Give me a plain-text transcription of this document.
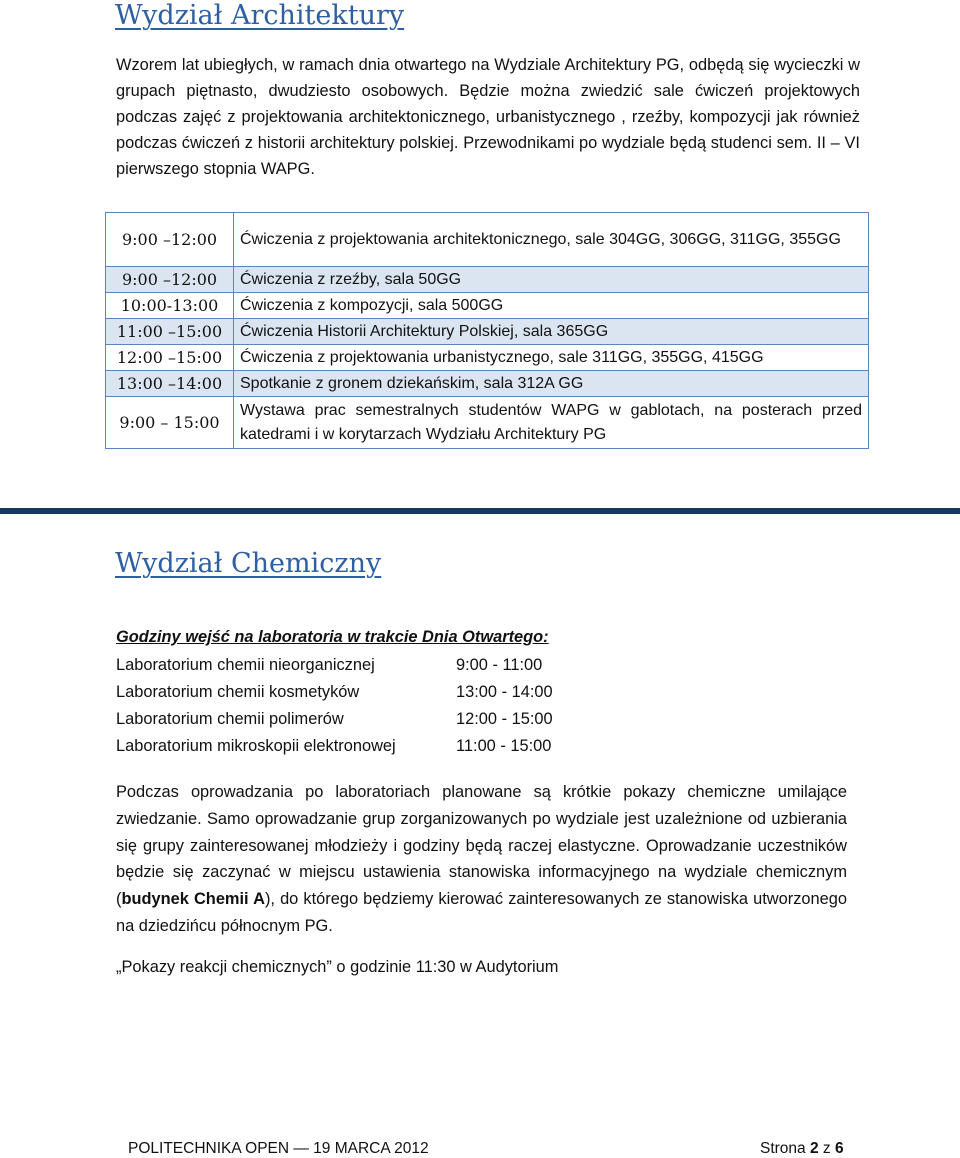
Wydział Architektury

Wzorem lat ubiegłych, w ramach dnia otwartego na Wydziale Architektury PG, odbędą się wycieczki w grupach piętnasto, dwudziesto osobowych. Będzie można zwiedzić sale ćwiczeń projektowych podczas zajęć z projektowania architektonicznego, urbanistycznego , rzeźby, kompozycji jak również podczas ćwiczeń z historii architektury polskiej. Przewodnikami po wydziale będą studenci sem. II – VI pierwszego stopnia WAPG.

9:00 –12:00	Ćwiczenia z projektowania architektonicznego, sale 304GG, 306GG, 311GG, 355GG
9:00 –12:00	Ćwiczenia z rzeźby, sala 50GG
10:00-13:00	Ćwiczenia z kompozycji, sala 500GG
11:00 –15:00	Ćwiczenia Historii Architektury Polskiej, sala 365GG
12:00 –15:00	Ćwiczenia z projektowania urbanistycznego, sale 311GG, 355GG, 415GG
13:00 –14:00	Spotkanie z gronem dziekańskim, sala 312A GG
9:00 – 15:00	Wystawa prac semestralnych studentów WAPG w gablotach, na posterach przed katedrami i w korytarzach Wydziału Architektury PG
Wydział Chemiczny
Godziny wejść na laboratoria w trakcie Dnia Otwartego:
Laboratorium chemii nieorganicznej	9:00 - 11:00
Laboratorium chemii kosmetyków	13:00 - 14:00
Laboratorium chemii polimerów	12:00 - 15:00
Laboratorium mikroskopii elektronowej	11:00 - 15:00

Podczas oprowadzania po laboratoriach planowane są krótkie pokazy chemiczne umilające zwiedzanie. Samo oprowadzanie grup zorganizowanych po wydziale jest uzależnione od uzbierania się grupy zainteresowanej młodzieży i godziny będą raczej elastyczne. Oprowadzanie uczestników będzie się zaczynać w miejscu ustawienia stanowiska informacyjnego na wydziale chemicznym (budynek Chemii A), do którego będziemy kierować zainteresowanych ze stanowiska utworzonego na dziedzińcu północnym PG.

„Pokazy reakcji chemicznych” o godzinie 11:30 w Audytorium
POLITECHNIKA OPEN — 19 MARCA 2012	Strona 2 z 6
